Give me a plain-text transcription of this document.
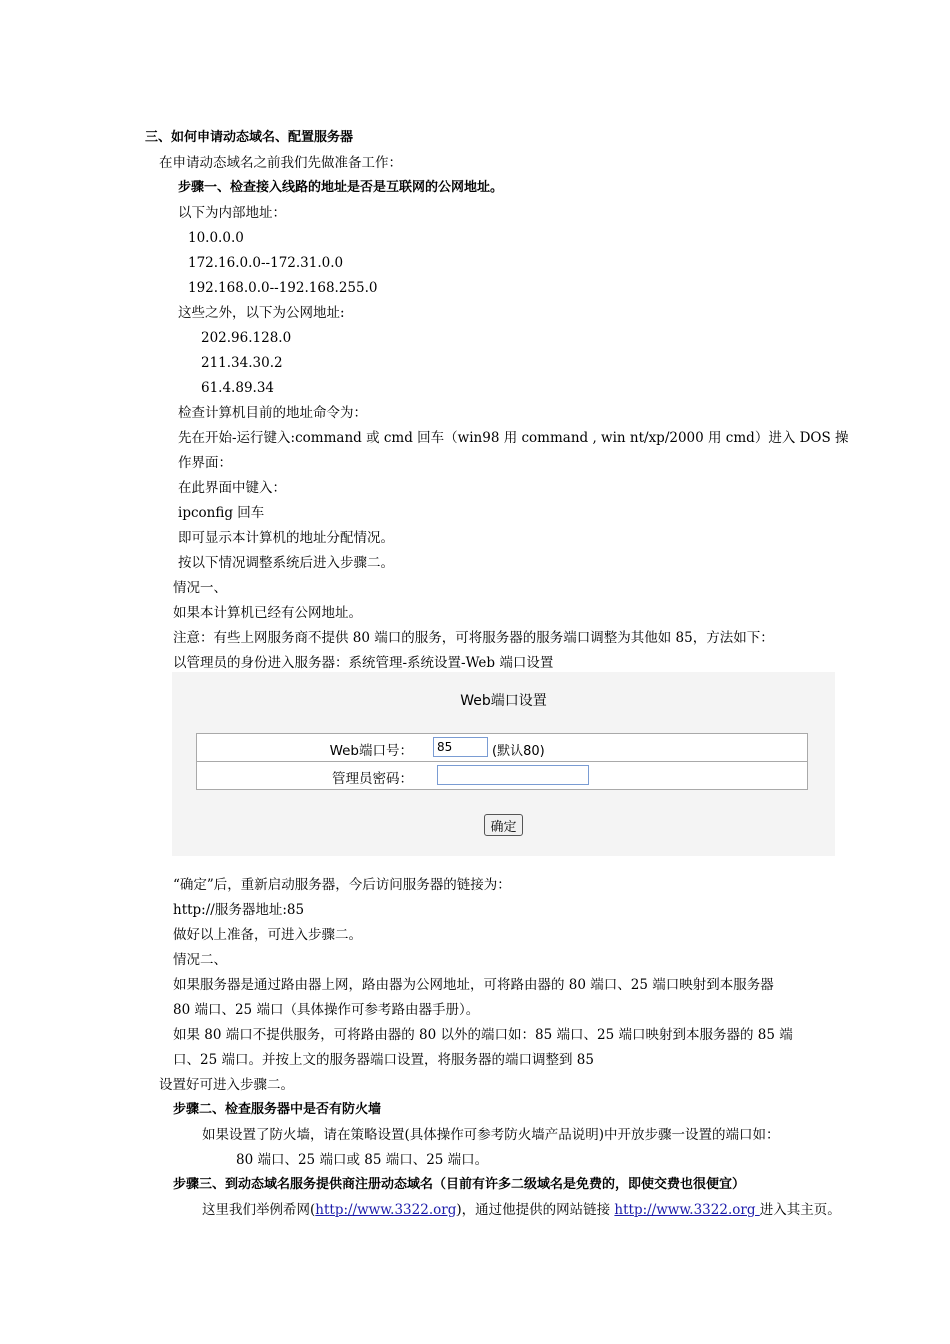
三、如何申请动态域名、配置服务器
在申请动态域名之前我们先做准备工作：
步骤一、检查接入线路的地址是否是互联网的公网地址。
以下为内部地址：
10.0.0.0
172.16.0.0--172.31.0.0
192.168.0.0--192.168.255.0
这些之外，以下为公网地址:
202.96.128.0
211.34.30.2
61.4.89.34
检查计算机目前的地址命令为：
先在开始-运行键入:command 或 cmd 回车（win98 用 command , win nt/xp/2000 用 cmd）进入 DOS 操
作界面：
在此界面中键入：
ipconfig 回车
即可显示本计算机的地址分配情况。
按以下情况调整系统后进入步骤二。
情况一、
如果本计算机已经有公网地址。
注意：有些上网服务商不提供 80 端口的服务，可将服务器的服务端口调整为其他如 85，方法如下：
以管理员的身份进入服务器：系统管理-系统设置-Web 端口设置
Web端口设置
Web端口号：
85	(默认80)
管理员密码：
确定
“确定”后，重新启动服务器，今后访问服务器的链接为：
http://服务器地址:85
做好以上准备，可进入步骤二。
情况二、
如果服务器是通过路由器上网，路由器为公网地址，可将路由器的 80 端口、25 端口映射到本服务器
80 端口、25 端口（具体操作可参考路由器手册）。
如果 80 端口不提供服务，可将路由器的 80 以外的端口如：85 端口、25 端口映射到本服务器的 85 端
口、25 端口。并按上文的服务器端口设置，将服务器的端口调整到 85
设置好可进入步骤二。
步骤二、检查服务器中是否有防火墙
如果设置了防火墙，请在策略设置(具体操作可参考防火墙产品说明)中开放步骤一设置的端口如：
80 端口、25 端口或 85 端口、25 端口。
步骤三、到动态域名服务提供商注册动态域名（目前有许多二级域名是免费的，即使交费也很便宜）
这里我们举例希网(http://www.3322.org)，通过他提供的网站链接 http://www.3322.org 进入其主页。
